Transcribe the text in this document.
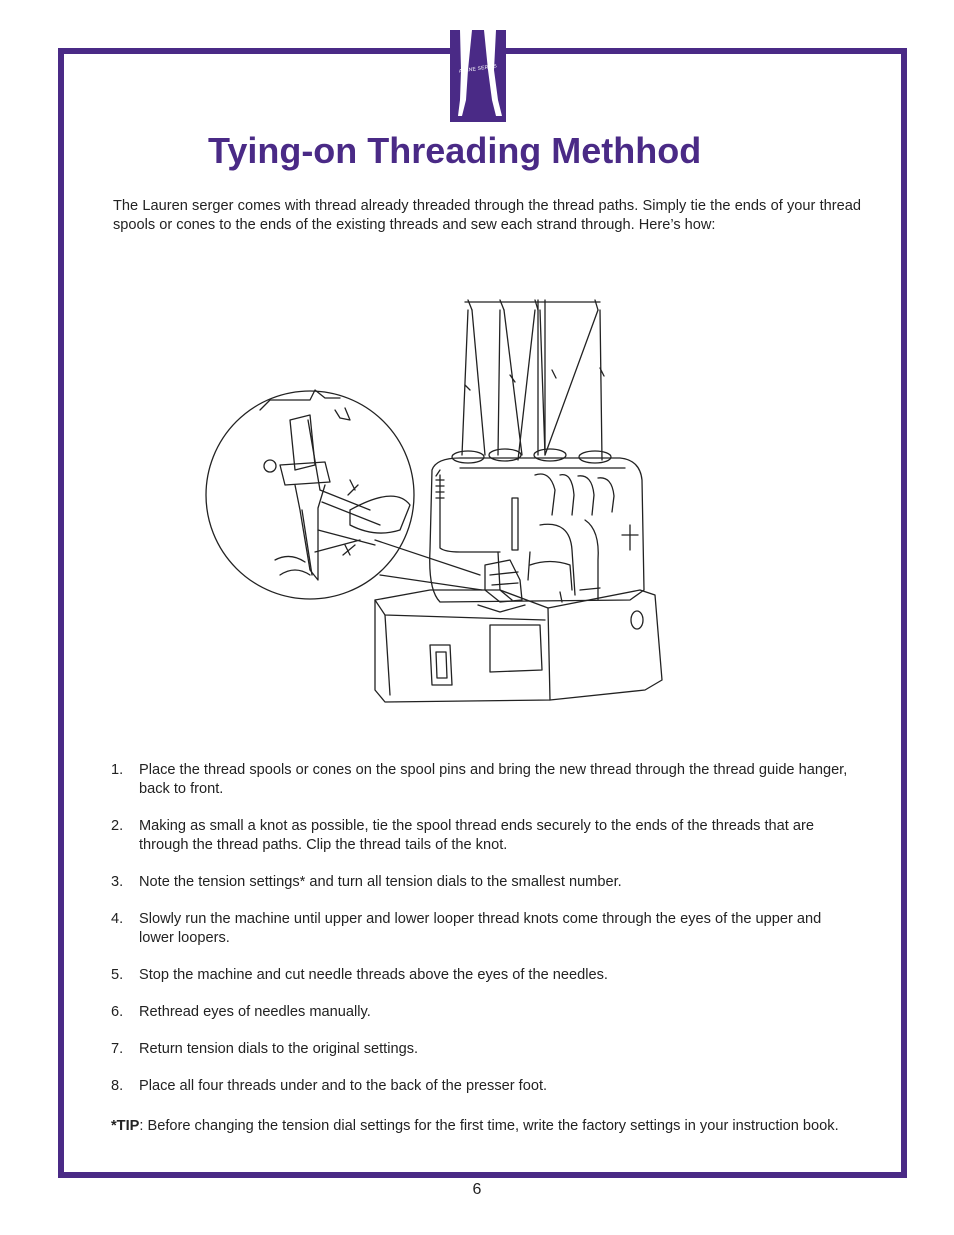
A-LINE SERIES
Tying-on Threading Methhod

The Lauren serger comes with thread already threaded through the thread paths. Simply tie the ends of your thread spools or cones to the ends of the existing threads and sew each strand through. Here’s how:

1. Place the thread spools or cones on the spool pins and bring the new thread through the thread guide hanger, back to front.
2. Making as small a knot as possible, tie the spool thread ends securely to the ends of the threads that are through the thread paths. Clip the thread tails of the knot.
3. Note the tension settings* and turn all tension dials to the smallest number.
4. Slowly run the machine until upper and lower looper thread knots come through the eyes of the upper and lower loopers.
5. Stop the machine and cut needle threads above the eyes of the needles.
6. Rethread eyes of needles manually.
7. Return tension dials to the original settings.
8. Place all four threads under and to the back of the presser foot.

*TIP: Before changing the tension dial settings for the first time, write the factory settings in your instruction book.

6
